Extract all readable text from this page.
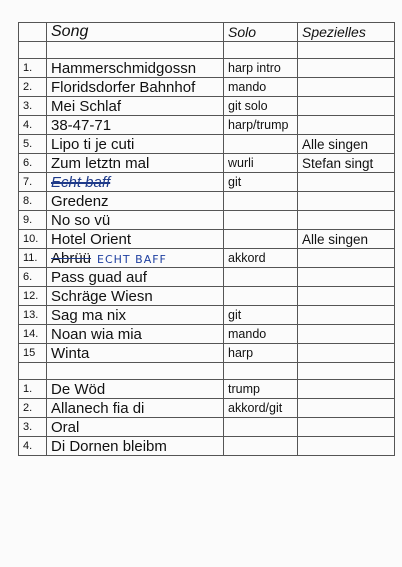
	Song	Solo	Spezielles

1.	Hammerschmidgossn	harp intro	
2.	Floridsdorfer Bahnhof	mando	
3.	Mei Schlaf	git solo	
4.	38-47-71	harp/trump	
5.	Lipo ti je cuti		Alle singen
6.	Zum letztn mal	wurli	Stefan singt
7.	Echt baff	git	
8.	Gredenz		
9.	No so vü		
10.	Hotel Orient		Alle singen
11.	Abrüü ECHT BAFF	akkord	
6.	Pass guad auf		
12.	Schräge Wiesn		
13.	Sag ma nix	git	
14.	Noan wia mia	mando	
15	Winta	harp	

1.	De Wöd	trump	
2.	Allanech fia di	akkord/git	
3.	Oral		
4.	Di Dornen bleibm		
